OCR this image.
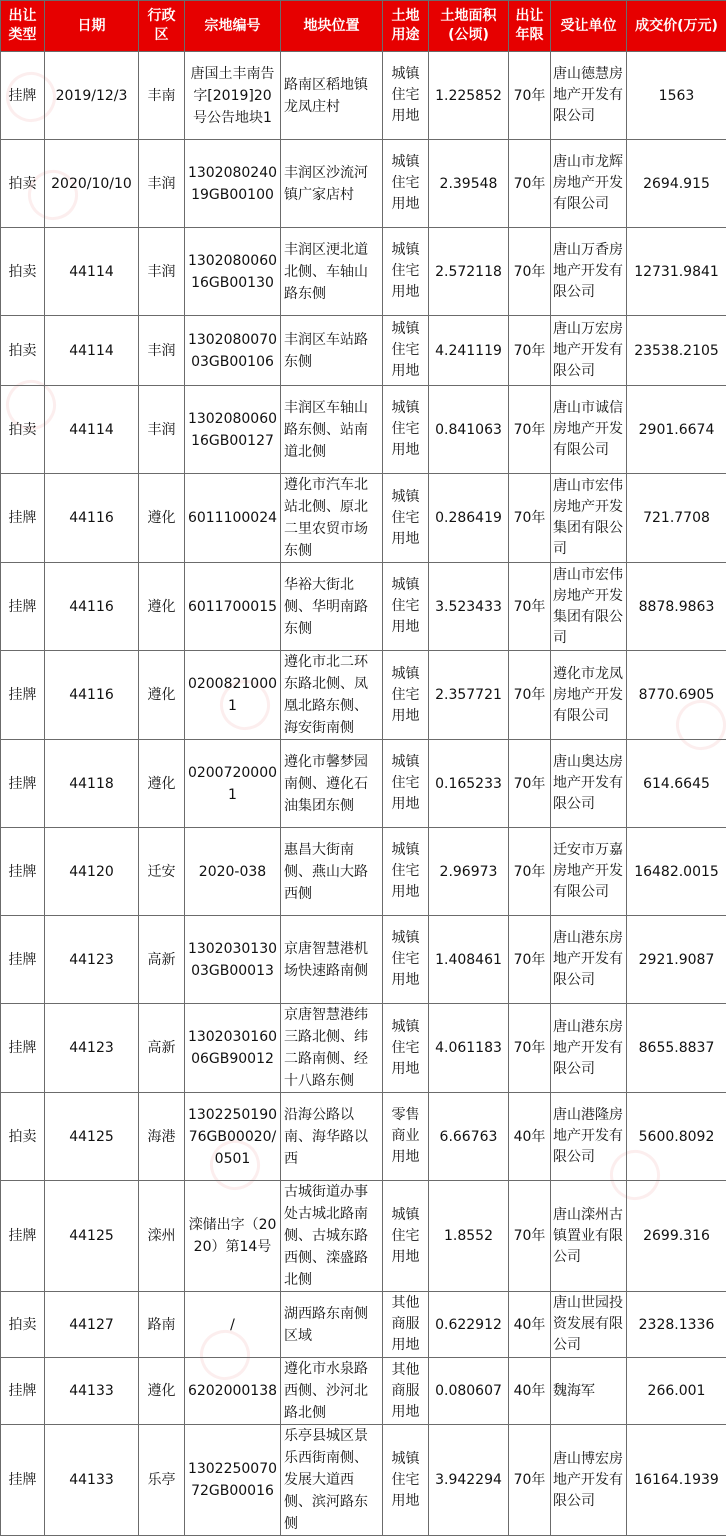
出让类型	日期	行政区	宗地编号	地块位置	土地用途	土地面积(公顷)	出让年限	受让单位	成交价(万元)
挂牌	2019/12/3	丰南	唐国土丰南告字[2019]20号公告地块1	路南区稻地镇龙凤庄村	城镇住宅用地	1.225852	70年	唐山德慧房地产开发有限公司	1563
拍卖	2020/10/10	丰润	130208024019GB00100	丰润区沙流河镇广家店村	城镇住宅用地	2.39548	70年	唐山市龙辉房地产开发有限公司	2694.915
拍卖	44114	丰润	130208006016GB00130	丰润区浭北道北侧、车轴山路东侧	城镇住宅用地	2.572118	70年	唐山万香房地产开发有限公司	12731.9841
拍卖	44114	丰润	130208007003GB00106	丰润区车站路东侧	城镇住宅用地	4.241119	70年	唐山万宏房地产开发有限公司	23538.2105
拍卖	44114	丰润	130208006016GB00127	丰润区车轴山路东侧、站南道北侧	城镇住宅用地	0.841063	70年	唐山市诚信房地产开发有限公司	2901.6674
挂牌	44116	遵化	6011100024	遵化市汽车北站北侧、原北二里农贸市场东侧	城镇住宅用地	0.286419	70年	唐山市宏伟房地产开发集团有限公司	721.7708
挂牌	44116	遵化	6011700015	华裕大街北侧、华明南路东侧	城镇住宅用地	3.523433	70年	唐山市宏伟房地产开发集团有限公司	8878.9863
挂牌	44116	遵化	02008210001	遵化市北二环东路北侧、凤凰北路东侧、海安街南侧	城镇住宅用地	2.357721	70年	遵化市龙凤房地产开发有限公司	8770.6905
挂牌	44118	遵化	02007200001	遵化市馨梦园南侧、遵化石油集团东侧	城镇住宅用地	0.165233	70年	唐山奥达房地产开发有限公司	614.6645
挂牌	44120	迁安	2020-038	惠昌大街南侧、燕山大路西侧	城镇住宅用地	2.96973	70年	迁安市万嘉房地产开发有限公司	16482.0015
挂牌	44123	高新	130203013003GB00013	京唐智慧港机场快速路南侧	城镇住宅用地	1.408461	70年	唐山港东房地产开发有限公司	2921.9087
挂牌	44123	高新	130203016006GB90012	京唐智慧港纬三路北侧、纬二路南侧、经十八路东侧	城镇住宅用地	4.061183	70年	唐山港东房地产开发有限公司	8655.8837
拍卖	44125	海港	130225019076GB00020/0501	沿海公路以南、海华路以西	零售商业用地	6.66763	40年	唐山港隆房地产开发有限公司	5600.8092
挂牌	44125	滦州	滦储出字（2020）第14号	古城街道办事处古城北路南侧、古城东路西侧、滦盛路北侧	城镇住宅用地	1.8552	70年	唐山滦州古镇置业有限公司	2699.316
拍卖	44127	路南	/	湖西路东南侧区域	其他商服用地	0.622912	40年	唐山世园投资发展有限公司	2328.1336
挂牌	44133	遵化	6202000138	遵化市水泉路西侧、沙河北路北侧	其他商服用地	0.080607	40年	魏海军	266.001
挂牌	44133	乐亭	130225007072GB00016	乐亭县城区景乐西街南侧、发展大道西侧、滨河路东侧	城镇住宅用地	3.942294	70年	唐山博宏房地产开发有限公司	16164.1939
